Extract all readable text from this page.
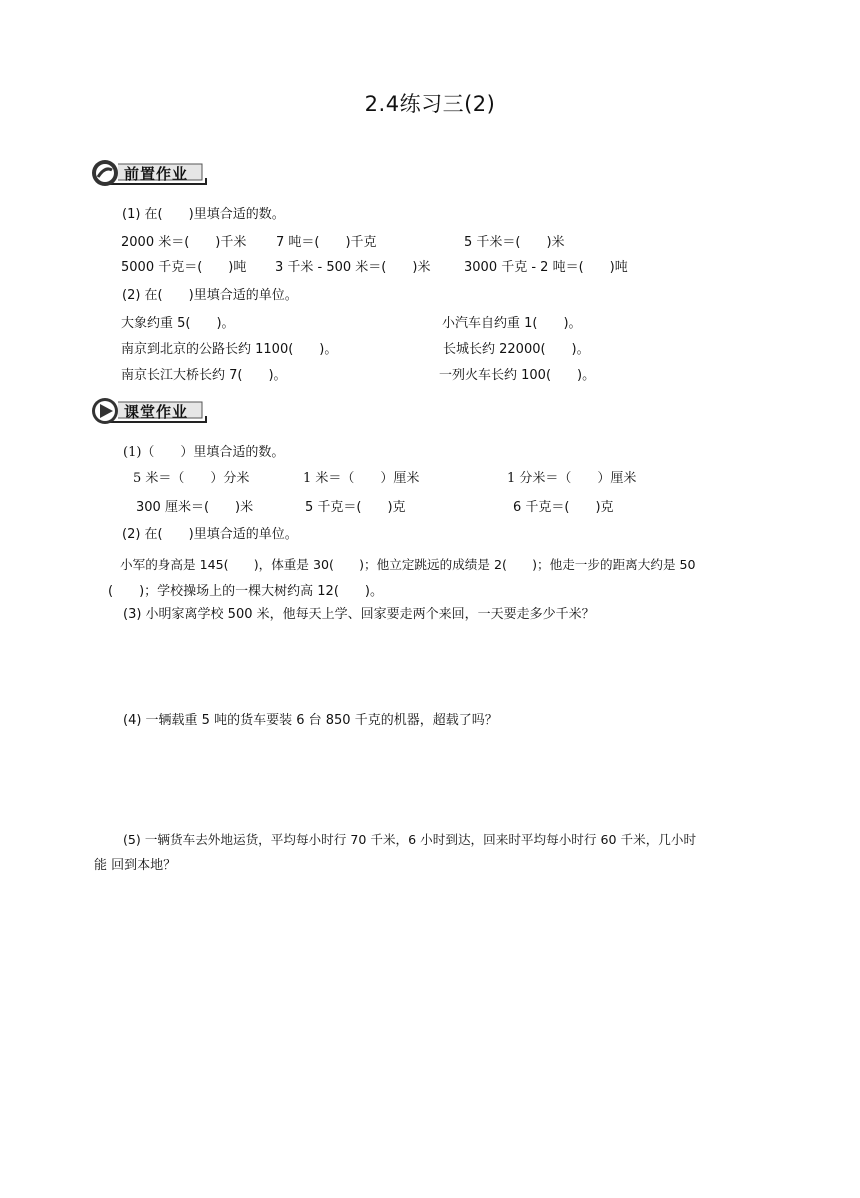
2.4练习三(2)
前置作业
(1) 在(　　)里填合适的数。
2000 米＝(　　)千米 7 吨＝(　　)千克	5 千米＝(　　)米
5000 千克＝(　　)吨 3 千米 - 500 米＝(　　)米	3000 千克 - 2 吨＝(　　)吨
(2) 在(　　)里填合适的单位。
大象约重 5(　　)。	小汽车自约重 1(　　)。
南京到北京的公路长约 1100(　　)。	长城长约 22000(　　)。
南京长江大桥长约 7(　　)。	一列火车长约 100(　　)。
课堂作业
(1)（　　）里填合适的数。
5 米＝（　　）分米	1 米＝（　　）厘米	1 分米＝（　　）厘米
300 厘米＝(　　)米	5 千克＝(　　)克	6 千克＝(　　)克
(2) 在(　　)里填合适的单位。
小军的身高是 145(　　)，体重是 30(　　)；他立定跳远的成绩是 2(　　)；他走一步的距离大约是 50
(　　)；学校操场上的一棵大树约高 12(　　)。
(3) 小明家离学校 500 米，他每天上学、回家要走两个来回，一天要走多少千米？
(4) 一辆载重 5 吨的货车要装 6 台 850 千克的机器，超载了吗？
(5) 一辆货车去外地运货，平均每小时行 70 千米，6 小时到达，回来时平均每小时行 60 千米，几小时
能 回到本地？
